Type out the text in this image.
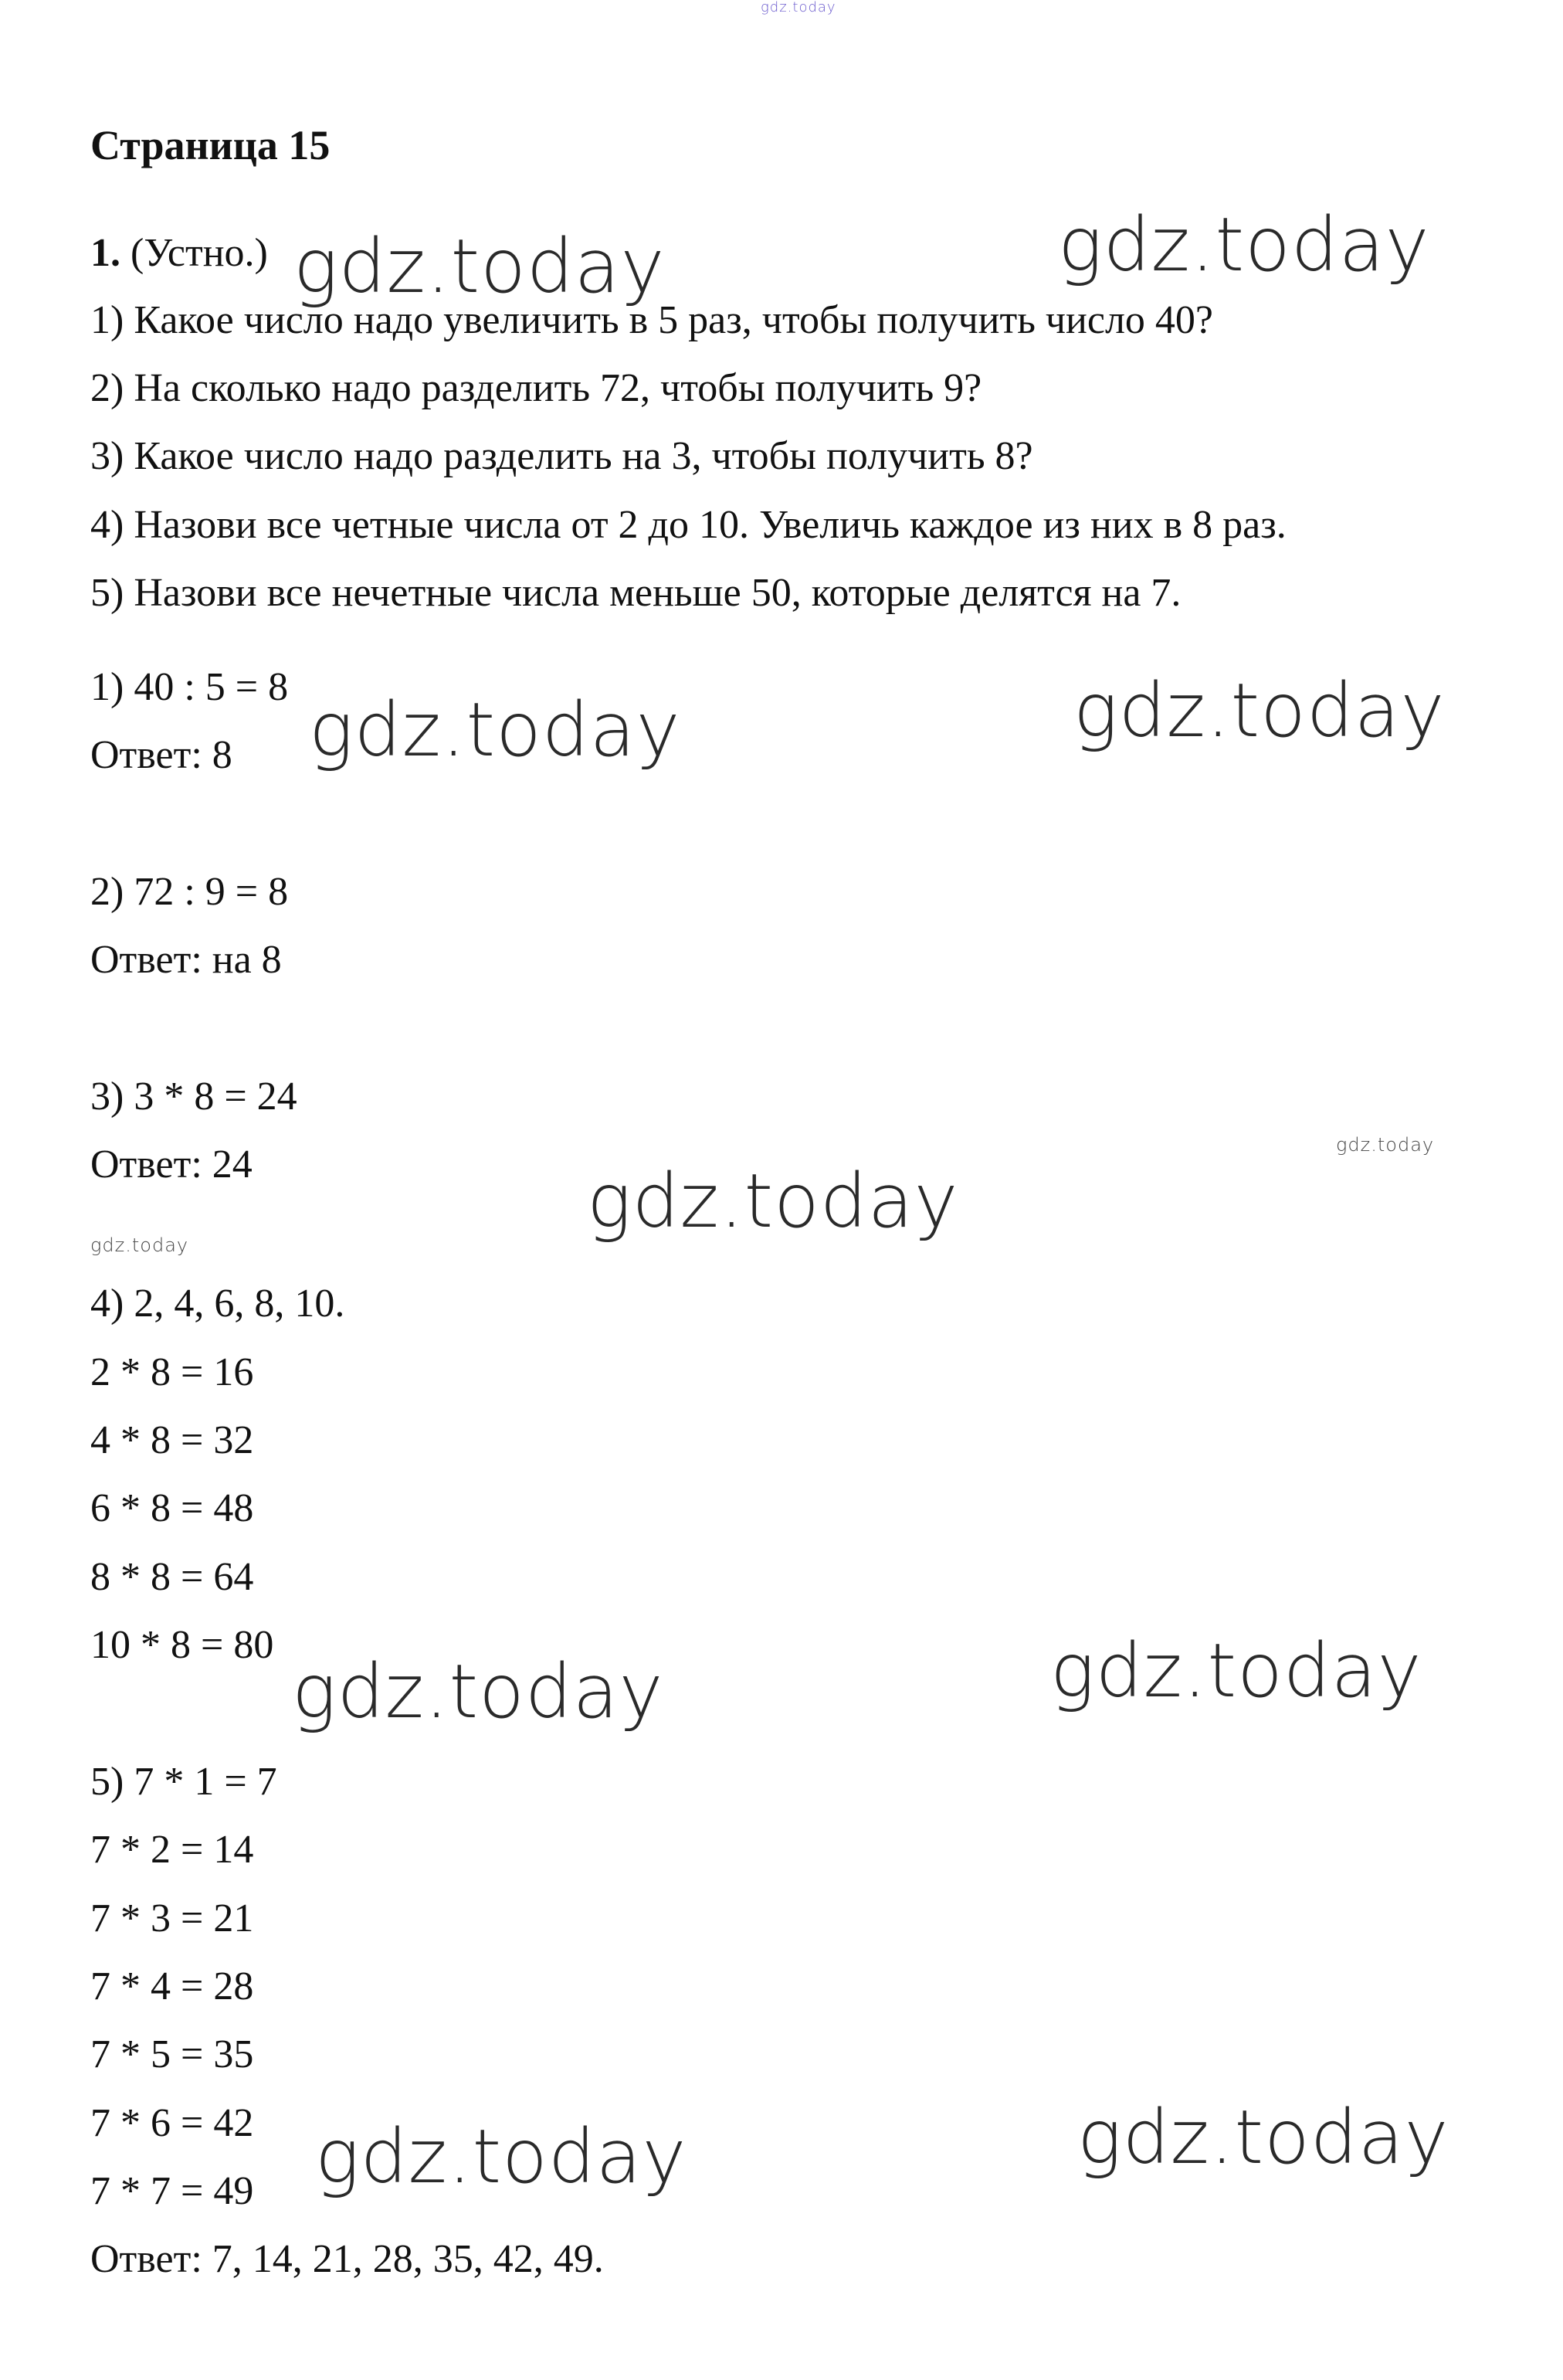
gdz.today
Страница 15
1. (Устно.)
1) Какое число надо увеличить в 5 раз, чтобы получить число 40?
2) На сколько надо разделить 72, чтобы получить 9?
3) Какое число надо разделить на 3, чтобы получить 8?
4) Назови все четные числа от 2 до 10. Увеличь каждое из них в 8 раз.
5) Назови все нечетные числа меньше 50, которые делятся на 7.
1) 40 : 5 = 8
Ответ: 8
2) 72 : 9 = 8
Ответ: на 8
3) 3 * 8 = 24
Ответ: 24
4) 2, 4, 6, 8, 10.
2 * 8 = 16
4 * 8 = 32
6 * 8 = 48
8 * 8 = 64
10 * 8 = 80
5) 7 * 1 = 7
7 * 2 = 14
7 * 3 = 21
7 * 4 = 28
7 * 5 = 35
7 * 6 = 42
7 * 7 = 49
Ответ: 7, 14, 21, 28, 35, 42, 49.
gdz.today	gdz.today
gdz.today	gdz.today
gdz.today
gdz.today	gdz.today
gdz.today	gdz.today
gdz.today
gdz.today
